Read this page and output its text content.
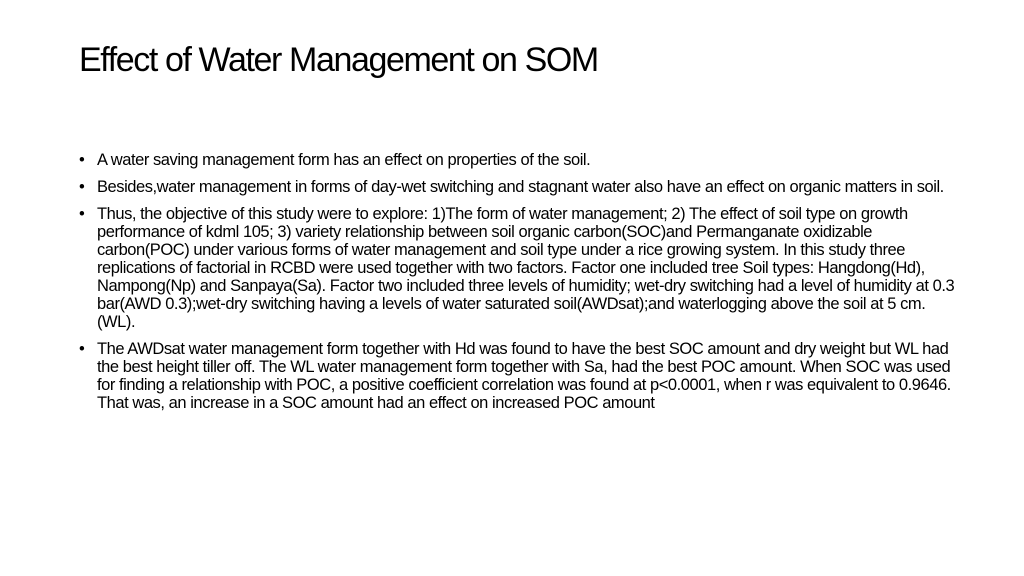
Effect of Water Management on SOM
• A water saving management form has an effect on properties of the soil.
• Besides,water management in forms of day-wet switching and stagnant water also have an effect on organic matters in soil.
• Thus, the objective of this study were to explore: 1)The form of water management; 2) The effect of soil type on growth performance of kdml 105; 3) variety relationship between soil organic carbon(SOC)and Permanganate oxidizable carbon(POC) under various forms of water management and soil type under a rice growing system. In this study three replications of factorial in RCBD were used together with two factors. Factor one included tree Soil types: Hangdong(Hd), Nampong(Np) and Sanpaya(Sa). Factor two included three levels of humidity; wet-dry switching had a level of humidity at 0.3 bar(AWD 0.3);wet-dry switching having a levels of water saturated soil(AWDsat);and waterlogging above the soil at 5 cm.(WL).
• The AWDsat water management form together with Hd was found to have the best SOC amount and dry weight but WL had the best height tiller off. The WL water management form together with Sa, had the best POC amount. When SOC was used for finding a relationship with POC, a positive coefficient correlation was found at p<0.0001, when r was equivalent to 0.9646. That was, an increase in a SOC amount had an effect on increased POC amount
